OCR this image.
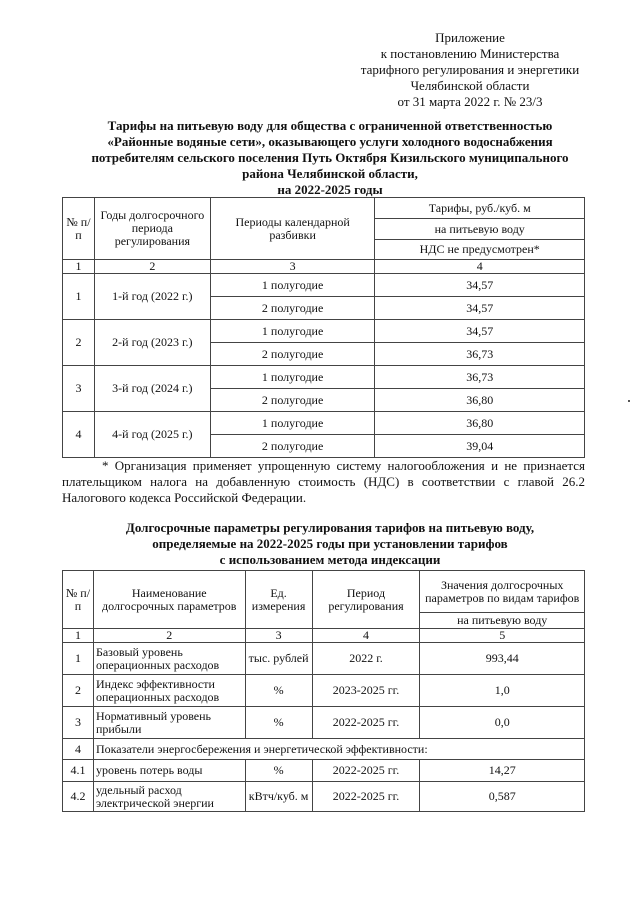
Приложение
к постановлению Министерства
тарифного регулирования и энергетики
Челябинской области
от 31 марта 2022 г. № 23/3
Тарифы на питьевую воду для общества с ограниченной ответственностью
«Районные водяные сети», оказывающего услуги холодного водоснабжения
потребителям сельского поселения Путь Октября Кизильского муниципального
района Челябинской области,
на 2022-2025 годы
№ п/п	Годы долгосрочного периода регулирования	Периоды календарной разбивки	Тарифы, руб./куб. м
			на питьевую воду
			НДС не предусмотрен*
1	2	3	4
1	1-й год (2022 г.)	1 полугодие	34,57
		2 полугодие	34,57
2	2-й год (2023 г.)	1 полугодие	34,57
		2 полугодие	36,73
3	3-й год (2024 г.)	1 полугодие	36,73
		2 полугодие	36,80
4	4-й год (2025 г.)	1 полугодие	36,80
		2 полугодие	39,04

* Организация применяет упрощенную систему налогообложения и не признается плательщиком налога на добавленную стоимость (НДС) в соответствии с главой 26.2 Налогового кодекса Российской Федерации.

Долгосрочные параметры регулирования тарифов на питьевую воду,
определяемые на 2022-2025 годы при установлении тарифов
с использованием метода индексации
№ п/п	Наименование долгосрочных параметров	Ед. измерения	Период регулирования	Значения долгосрочных параметров по видам тарифов
				на питьевую воду
1	2	3	4	5
1	Базовый уровень операционных расходов	тыс. рублей	2022 г.	993,44
2	Индекс эффективности операционных расходов	%	2023-2025 гг.	1,0
3	Нормативный уровень прибыли	%	2022-2025 гг.	0,0
4	Показатели энергосбережения и энергетической эффективности:			
4.1	уровень потерь воды	%	2022-2025 гг.	14,27
4.2	удельный расход электрической энергии	кВтч/куб. м	2022-2025 гг.	0,587
